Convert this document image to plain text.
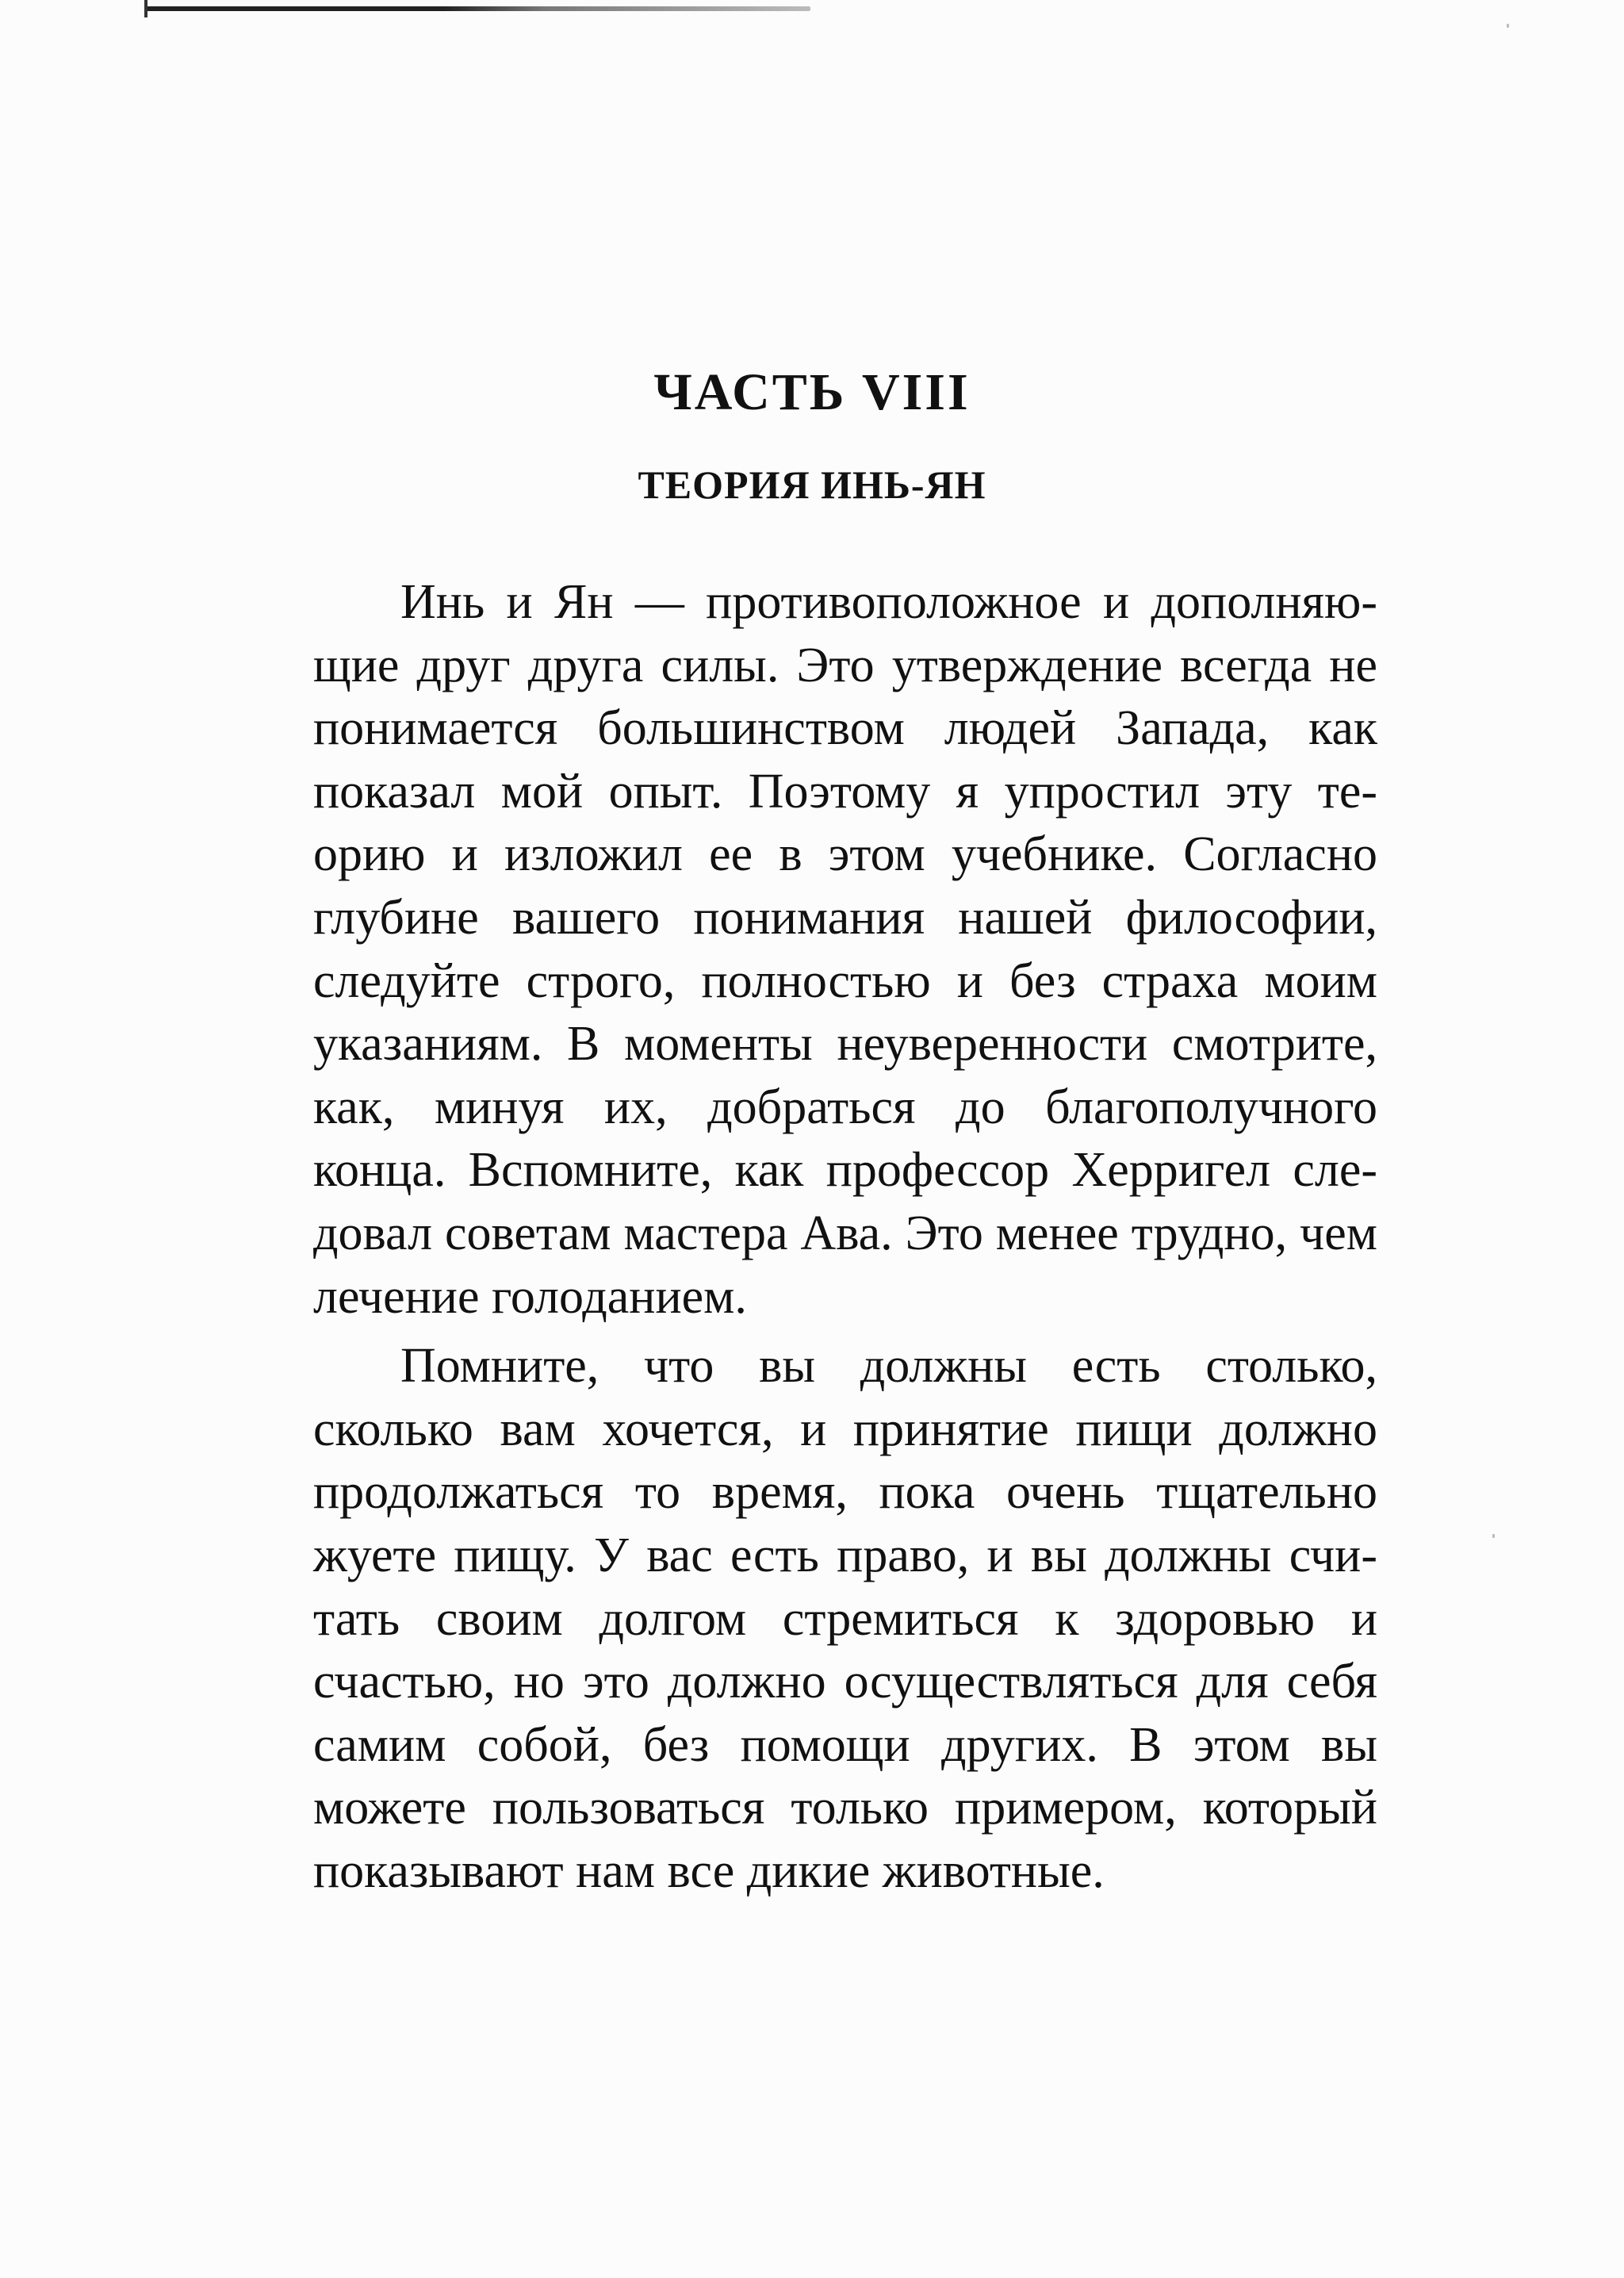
ЧАСТЬ VIII
ТЕОРИЯ ИНЬ-ЯН

Инь и Ян — противоположное и дополняющие друг друга силы. Это утверждение всегда не понимается большинством людей Запада, как показал мой опыт. Поэтому я упростил эту теорию и изложил ее в этом учебнике. Согласно глубине вашего понимания нашей философии, следуйте строго, полностью и без страха моим указаниям. В моменты неуверенности смотрите, как, минуя их, добраться до благополучного конца. Вспомните, как профессор Херригел следовал советам мастера Ава. Это менее трудно, чем лечение голоданием.

Помните, что вы должны есть столько, сколько вам хочется, и принятие пищи должно продолжаться то время, пока очень тщательно жуете пищу. У вас есть право, и вы должны считать своим долгом стремиться к здоровью и счастью, но это должно осуществляться для себя самим собой, без помощи других. В этом вы можете пользоваться только примером, который показывают нам все дикие животные.
